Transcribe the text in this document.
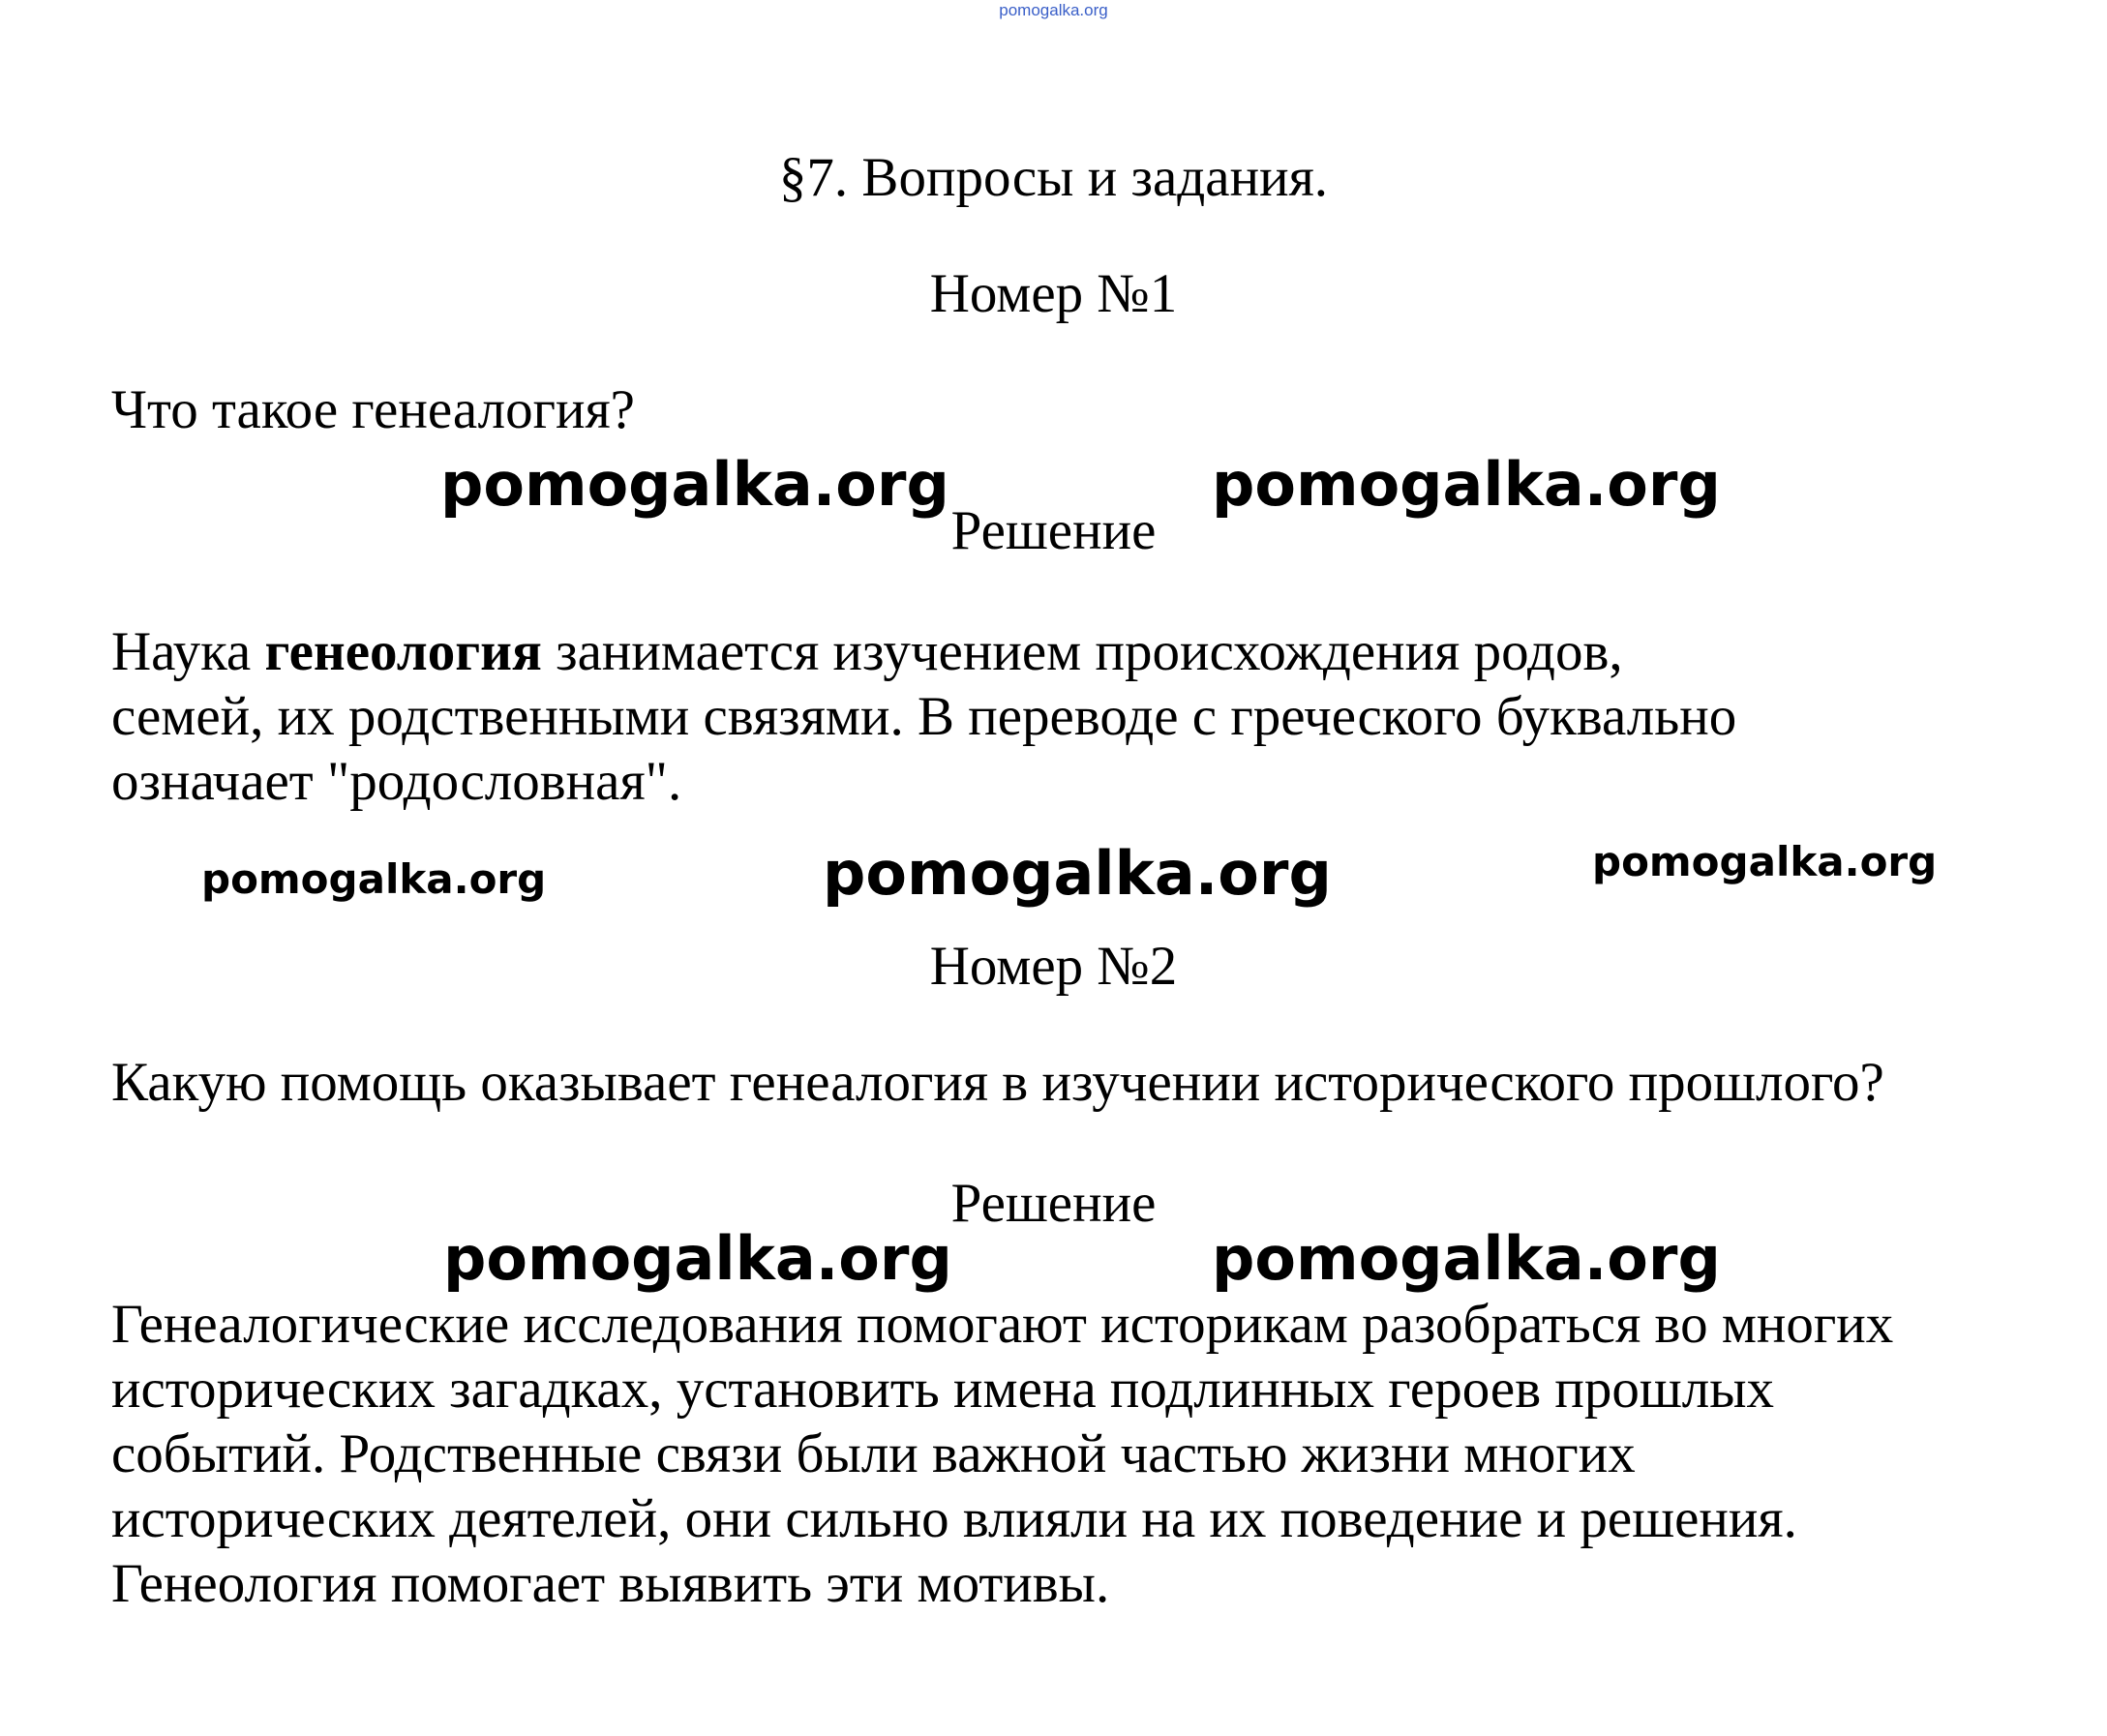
pomogalka.org
§7. Вопросы и задания.
Номер №1
Что такое генеалогия?
pomogalka.org	pomogalka.org
Решение
Наука генеология занимается изучением происхождения родов,
семей, их родственными связями. В переводе с греческого буквально
означает "родословная".
pomogalka.org	pomogalka.org	pomogalka.org
Номер №2
Какую помощь оказывает генеалогия в изучении исторического прошлого?
Решение
pomogalka.org	pomogalka.org
Генеалогические исследования помогают историкам разобраться во многих
исторических загадках, установить имена подлинных героев прошлых
событий. Родственные связи были важной частью жизни многих
исторических деятелей, они сильно влияли на их поведение и решения.
Генеология помогает выявить эти мотивы.
